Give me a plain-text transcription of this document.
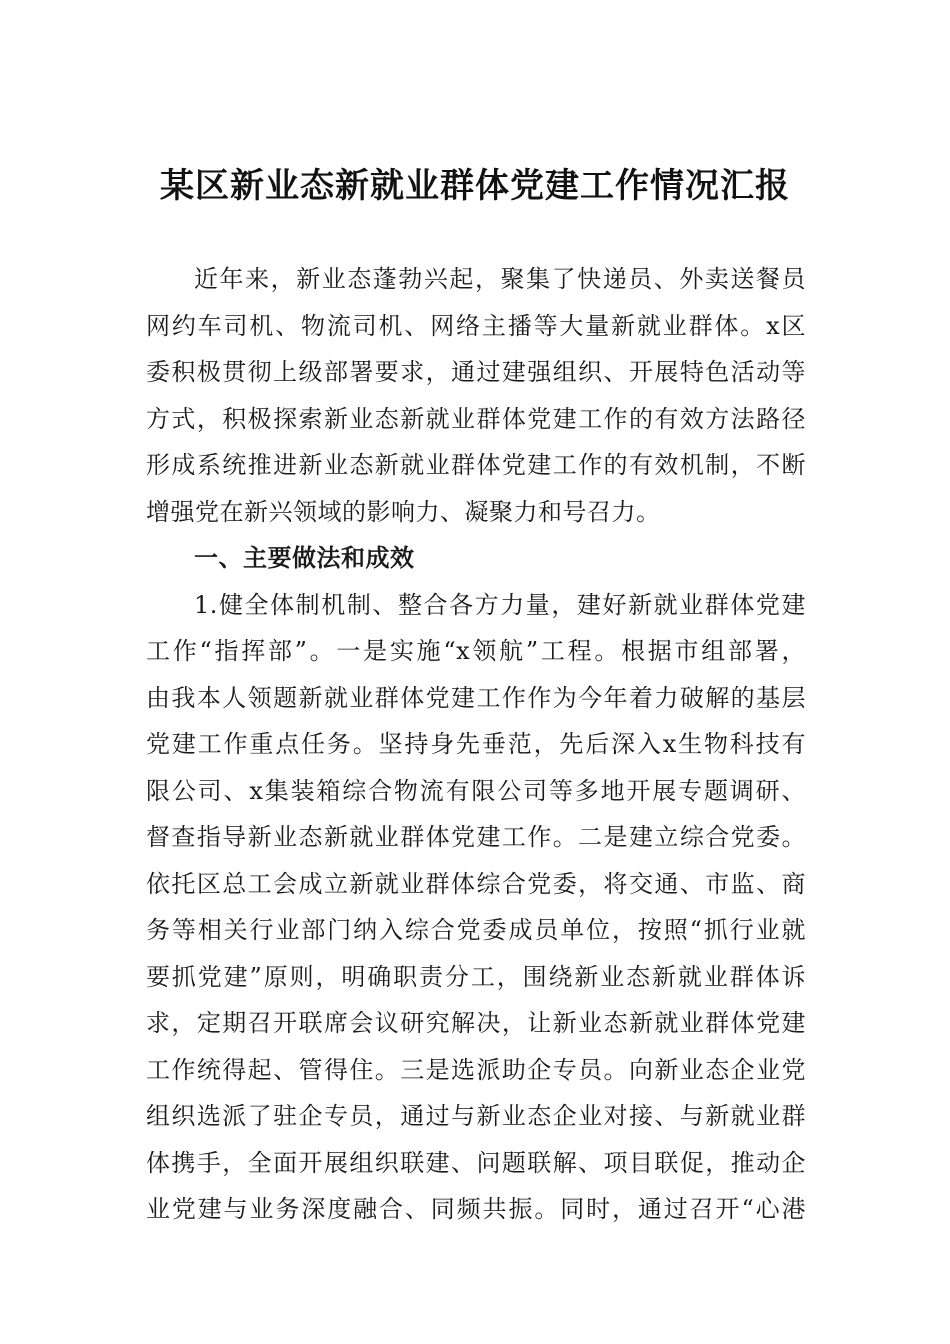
某区新业态新就业群体党建工作情况汇报
近年来，新业态蓬勃兴起，聚集了快递员、外卖送餐员
网约车司机、物流司机、网络主播等大量新就业群体。x区
委积极贯彻上级部署要求，通过建强组织、开展特色活动等
方式，积极探索新业态新就业群体党建工作的有效方法路径
形成系统推进新业态新就业群体党建工作的有效机制，不断
增强党在新兴领域的影响力、凝聚力和号召力。
一、主要做法和成效
1.健全体制机制、整合各方力量，建好新就业群体党建
工作“指挥部”。一是实施“x领航”工程。根据市组部署，
由我本人领题新就业群体党建工作作为今年着力破解的基层
党建工作重点任务。坚持身先垂范，先后深入x生物科技有
限公司、x集装箱综合物流有限公司等多地开展专题调研、
督查指导新业态新就业群体党建工作。二是建立综合党委。
依托区总工会成立新就业群体综合党委，将交通、市监、商
务等相关行业部门纳入综合党委成员单位，按照“抓行业就
要抓党建”原则，明确职责分工，围绕新业态新就业群体诉
求，定期召开联席会议研究解决，让新业态新就业群体党建
工作统得起、管得住。三是选派助企专员。向新业态企业党
组织选派了驻企专员，通过与新业态企业对接、与新就业群
体携手，全面开展组织联建、问题联解、项目联促，推动企
业党建与业务深度融合、同频共振。同时，通过召开“心港
